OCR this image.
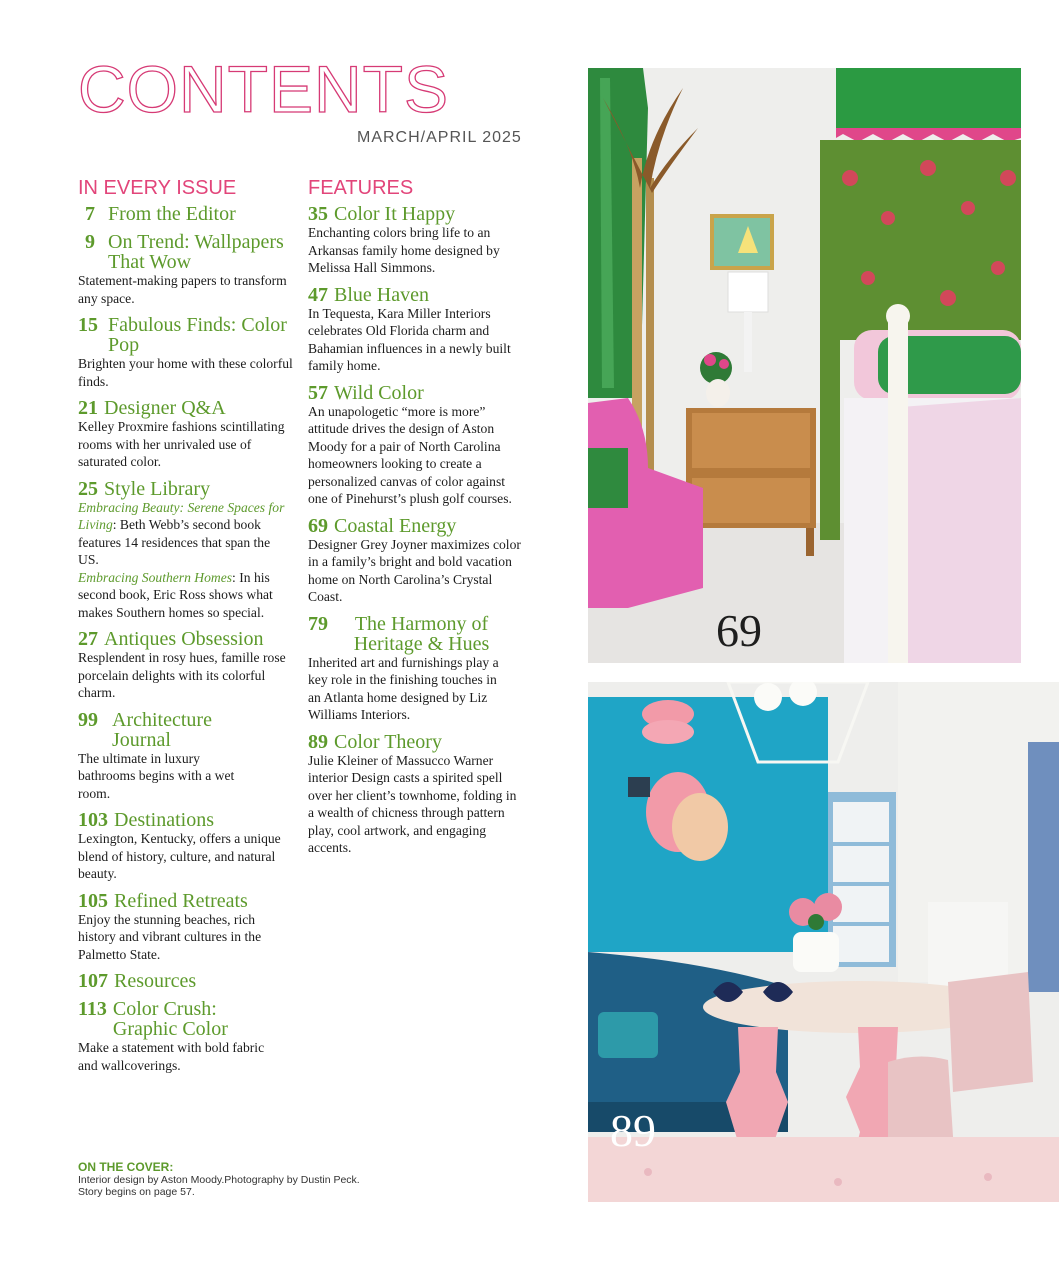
CONTENTS
MARCH/APRIL 2025
IN EVERY ISSUE
7 From the Editor
9 On Trend: Wallpapers That Wow
Statement-making papers to transform any space.
15 Fabulous Finds: Color Pop
Brighten your home with these colorful finds.
21 Designer Q&A
Kelley Proxmire fashions scintillating rooms with her unrivaled use of saturated color.
25 Style Library
Embracing Beauty: Serene Spaces for Living: Beth Webb’s second book features 14 residences that span the US.
Embracing Southern Homes: In his second book, Eric Ross shows what makes Southern homes so special.
27 Antiques Obsession
Resplendent in rosy hues, famille rose porcelain delights with its colorful charm.
99 Architecture Journal
The ultimate in luxury bathrooms begins with a wet room.
103 Destinations
Lexington, Kentucky, offers a unique blend of history, culture, and natural beauty.
105 Refined Retreats
Enjoy the stunning beaches, rich history and vibrant cultures in the Palmetto State.
107 Resources
113 Color Crush: Graphic Color
Make a statement with bold fabric and wallcoverings.
FEATURES
35 Color It Happy
Enchanting colors bring life to an Arkansas family home designed by Melissa Hall Simmons.
47 Blue Haven
In Tequesta, Kara Miller Interiors celebrates Old Florida charm and Bahamian influences in a newly built family home.
57 Wild Color
An unapologetic “more is more” attitude drives the design of Aston Moody for a pair of North Carolina homeowners looking to create a personalized canvas of color against one of Pinehurst’s plush golf courses.
69 Coastal Energy
Designer Grey Joyner maximizes color in a family’s bright and bold vacation home on North Carolina’s Crystal Coast.
79	The Harmony of Heritage & Hues
Inherited art and furnishings play a key role in the finishing touches in an Atlanta home designed by Liz Williams Interiors.
89 Color Theory
Julie Kleiner of Massucco Warner interior Design casts a spirited spell over her client’s townhome, folding in a wealth of chicness through pattern play, cool artwork, and engaging accents.
ON THE COVER:
Interior design by Aston Moody.Photography by Dustin Peck.
Story begins on page 57.
69
89
